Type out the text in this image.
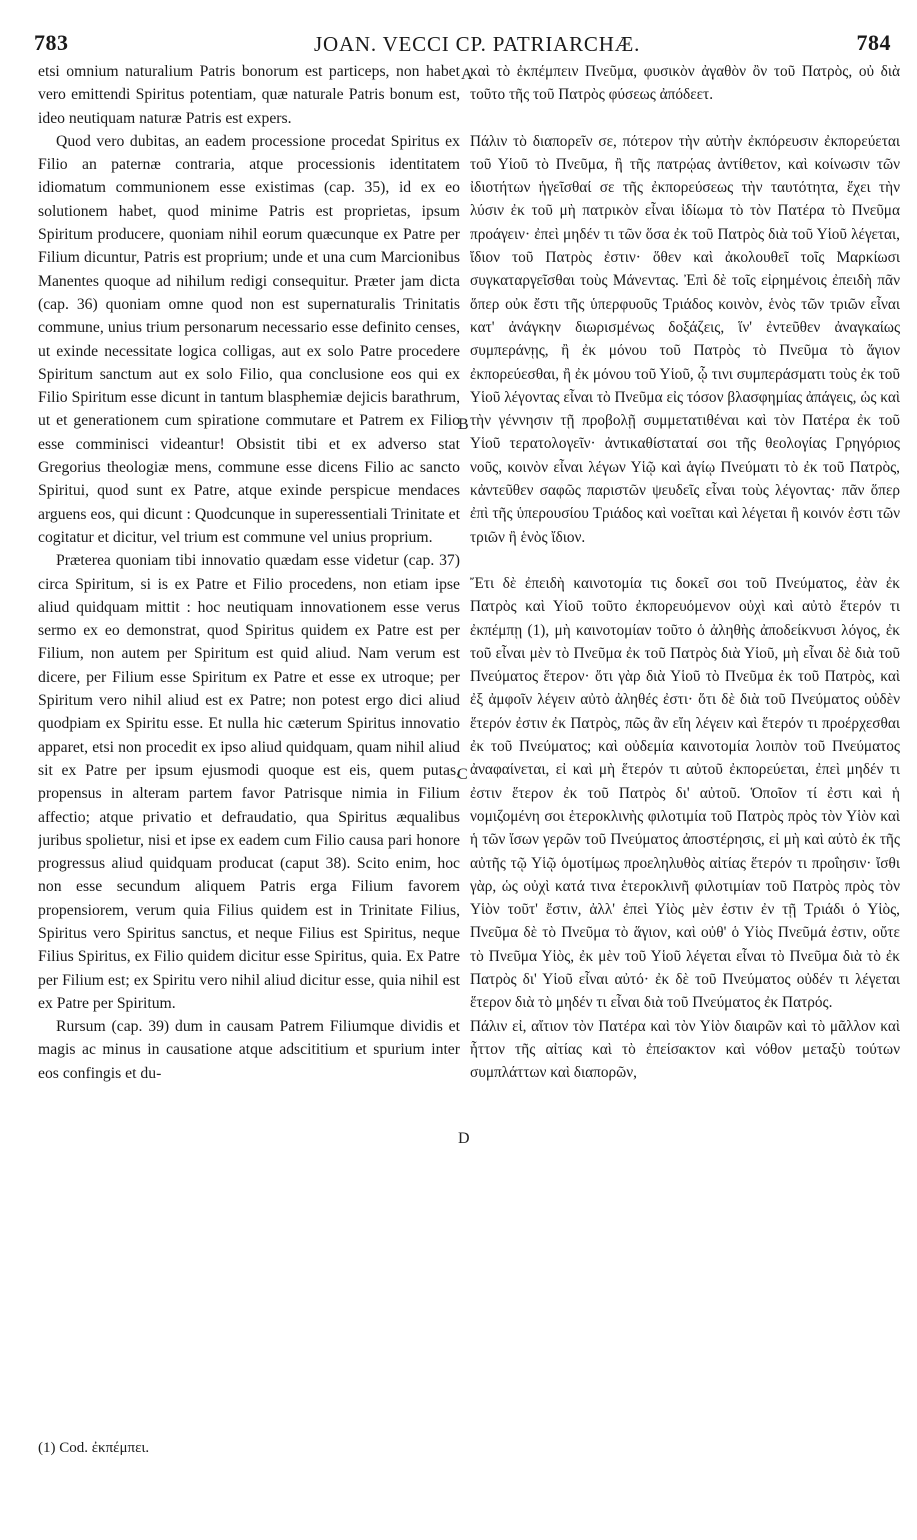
783	JOAN. VECCI CP. PATRIARCHÆ.	784

etsi omnium naturalium Patris bonorum est particeps, non habet vero emittendi Spiritus potentiam, quæ naturale Patris bonum est, ideo neutiquam naturæ Patris est expers.

Quod vero dubitas, an eadem processione procedat Spiritus ex Filio an paternæ contraria, atque processionis identitatem idiomatum communionem esse existimas (cap. 35), id ex eo solutionem habet, quod minime Patris est proprietas, ipsum Spiritum producere, quoniam nihil eorum quæcunque ex Patre per Filium dicuntur, Patris est proprium; unde et una cum Marcionibus Manentes quoque ad nihilum redigi consequitur. Præter jam dicta (cap. 36) quoniam omne quod non est supernaturalis Trinitatis commune, unius trium personarum necessario esse definito censes, ut exinde necessitate logica colligas, aut ex solo Patre procedere Spiritum sanctum aut ex solo Filio, qua conclusione eos qui ex Filio Spiritum esse dicunt in tantum blasphemiæ dejicis barathrum, ut et generationem cum spiratione commutare et Patrem ex Filio esse comminisci videantur! Obsistit tibi et ex adverso stat Gregorius theologiæ mens, commune esse dicens Filio ac sancto Spiritui, quod sunt ex Patre, atque exinde perspicue mendaces arguens eos, qui dicunt : Quodcunque in superessentiali Trinitate et cogitatur et dicitur, vel trium est commune vel unius proprium.

Præterea quoniam tibi innovatio quædam esse videtur (cap. 37) circa Spiritum, si is ex Patre et Filio procedens, non etiam ipse aliud quidquam mittit : hoc neutiquam innovationem esse verus sermo ex eo demonstrat, quod Spiritus quidem ex Patre est per Filium, non autem per Spiritum est quid aliud. Nam verum est dicere, per Filium esse Spiritum ex Patre et esse ex utroque; per Spiritum vero nihil aliud est ex Patre; non potest ergo dici aliud quodpiam ex Spiritu esse. Et nulla hic cæterum Spiritus innovatio apparet, etsi non procedit ex ipso aliud quidquam, quam nihil aliud sit ex Patre per ipsum ejusmodi quoque est eis, quem putas, propensus in alteram partem favor Patrisque nimia in Filium affectio; atque privatio et defraudatio, qua Spiritus æqualibus juribus spolietur, nisi et ipse ex eadem cum Filio causa pari honore progressus aliud quidquam producat (caput 38). Scito enim, hoc non esse secundum aliquem Patris erga Filium favorem propensiorem, verum quia Filius quidem est in Trinitate Filius, Spiritus vero Spiritus sanctus, et neque Filius est Spiritus, neque Filius Spiritus, ex Filio quidem dicitur esse Spiritus, quia. Ex Patre per Filium est; ex Spiritu vero nihil aliud dicitur esse, quia nihil est ex Patre per Spiritum.

Rursum (cap. 39) dum in causam Patrem Filiumque dividis et magis ac minus in causatione atque adscititium et spurium inter eos confingis et du-

A
B
C
D

καὶ τὸ ἐκπέμπειν Πνεῦμα, φυσικὸν ἀγαθὸν ὂν τοῦ Πατρὸς, οὐ διὰ τοῦτο τῆς τοῦ Πατρὸς φύσεως ἀπόδεετ.

Πάλιν τὸ διαπορεῖν σε, πότερον τὴν αὐτὴν ἐκπόρευσιν ἐκπορεύεται τοῦ Υἱοῦ τὸ Πνεῦμα, ἢ τῆς πατρῴας ἀντίθετον, καὶ κοίνωσιν τῶν ἰδιοτήτων ἡγεῖσθαί σε τῆς ἐκπορεύσεως τὴν ταυτότητα, ἔχει τὴν λύσιν ἐκ τοῦ μὴ πατρικὸν εἶναι ἰδίωμα τὸ τὸν Πατέρα τὸ Πνεῦμα προάγειν· ἐπεὶ μηδέν τι τῶν ὅσα ἐκ τοῦ Πατρὸς διὰ τοῦ Υἱοῦ λέγεται, ἴδιον τοῦ Πατρὸς ἐστιν· ὅθεν καὶ ἀκολουθεῖ τοῖς Μαρκίωσι συγκαταργεῖσθαι τοὺς Μάνεντας. Ἐπὶ δὲ τοῖς εἰρημένοις ἐπειδὴ πᾶν ὅπερ οὐκ ἔστι τῆς ὑπερφυοῦς Τριάδος κοινὸν, ἑνὸς τῶν τριῶν εἶναι κατ' ἀνάγκην διωρισμένως δοξάζεις, ἵν' ἐντεῦθεν ἀναγκαίως συμπεράνῃς, ἢ ἐκ μόνου τοῦ Πατρὸς τὸ Πνεῦμα τὸ ἅγιον ἐκπορεύεσθαι, ἢ ἐκ μόνου τοῦ Υἱοῦ, ᾧ τινι συμπεράσματι τοὺς ἐκ τοῦ Υἱοῦ λέγοντας εἶναι τὸ Πνεῦμα εἰς τόσον βλασφημίας ἀπάγεις, ὡς καὶ τὴν γέννησιν τῇ προβολῇ συμμετατιθέναι καὶ τὸν Πατέρα ἐκ τοῦ Υἱοῦ τερατολογεῖν· ἀντικαθίσταταί σοι τῆς θεολογίας Γρηγόριος νοῦς, κοινὸν εἶναι λέγων Υἱῷ καὶ ἁγίῳ Πνεύματι τὸ ἐκ τοῦ Πατρὸς, κἀντεῦθεν σαφῶς παριστῶν ψευδεῖς εἶναι τοὺς λέγοντας· πᾶν ὅπερ ἐπὶ τῆς ὑπερουσίου Τριάδος καὶ νοεῖται καὶ λέγεται ἢ κοινόν ἐστι τῶν τριῶν ἢ ἑνὸς ἴδιον.

Ἔτι δὲ ἐπειδὴ καινοτομία τις δοκεῖ σοι τοῦ Πνεύματος, ἐὰν ἐκ Πατρὸς καὶ Υἱοῦ τοῦτο ἐκπορευόμενον οὐχὶ καὶ αὐτὸ ἕτερόν τι ἐκπέμπῃ (1), μὴ καινοτομίαν τοῦτο ὁ ἀληθὴς ἀποδείκνυσι λόγος, ἐκ τοῦ εἶναι μὲν τὸ Πνεῦμα ἐκ τοῦ Πατρὸς διὰ Υἱοῦ, μὴ εἶναι δὲ διὰ τοῦ Πνεύματος ἕτερον· ὅτι γὰρ διὰ Υἱοῦ τὸ Πνεῦμα ἐκ τοῦ Πατρὸς, καὶ ἐξ ἀμφοῖν λέγειν αὐτὸ ἀληθές ἐστι· ὅτι δὲ διὰ τοῦ Πνεύματος οὐδὲν ἕτερόν ἐστιν ἐκ Πατρὸς, πῶς ἂν εἴη λέγειν καὶ ἕτερόν τι προέρχεσθαι ἐκ τοῦ Πνεύματος; καὶ οὐδεμία καινοτομία λοιπὸν τοῦ Πνεύματος ἀναφαίνεται, εἰ καὶ μὴ ἕτερόν τι αὐτοῦ ἐκπορεύεται, ἐπεὶ μηδέν τι ἐστιν ἕτερον ἐκ τοῦ Πατρὸς δι' αὐτοῦ. Ὁποῖον τί ἐστι καὶ ἡ νομιζομένη σοι ἑτεροκλινὴς φιλοτιμία τοῦ Πατρὸς πρὸς τὸν Υἱὸν καὶ ἡ τῶν ἴσων γερῶν τοῦ Πνεύματος ἀποστέρησις, εἰ μὴ καὶ αὐτὸ ἐκ τῆς αὐτῆς τῷ Υἱῷ ὁμοτίμως προεληλυθὸς αἰτίας ἕτερόν τι προΐησιν· ἴσθι γὰρ, ὡς οὐχὶ κατά τινα ἑτεροκλινῆ φιλοτιμίαν τοῦ Πατρὸς πρὸς τὸν Υἱὸν τοῦτ' ἔστιν, ἀλλ' ἐπεὶ Υἱὸς μὲν ἐστιν ἐν τῇ Τριάδι ὁ Υἱὸς, Πνεῦμα δὲ τὸ Πνεῦμα τὸ ἅγιον, καὶ οὐθ' ὁ Υἱὸς Πνεῦμά ἐστιν, οὔτε τὸ Πνεῦμα Υἱὸς, ἐκ μὲν τοῦ Υἱοῦ λέγεται εἶναι τὸ Πνεῦμα διὰ τὸ ἐκ Πατρὸς δι' Υἱοῦ εἶναι αὐτό· ἐκ δὲ τοῦ Πνεύματος οὐδέν τι λέγεται ἕτερον διὰ τὸ μηδέν τι εἶναι διὰ τοῦ Πνεύματος ἐκ Πατρός.

Πάλιν εἰ, αἴτιον τὸν Πατέρα καὶ τὸν Υἱὸν διαιρῶν καὶ τὸ μᾶλλον καὶ ἧττον τῆς αἰτίας καὶ τὸ ἐπείσακτον καὶ νόθον μεταξὺ τούτων συμπλάττων καὶ διαπορῶν,

(1) Cod. ἐκπέμπει.
